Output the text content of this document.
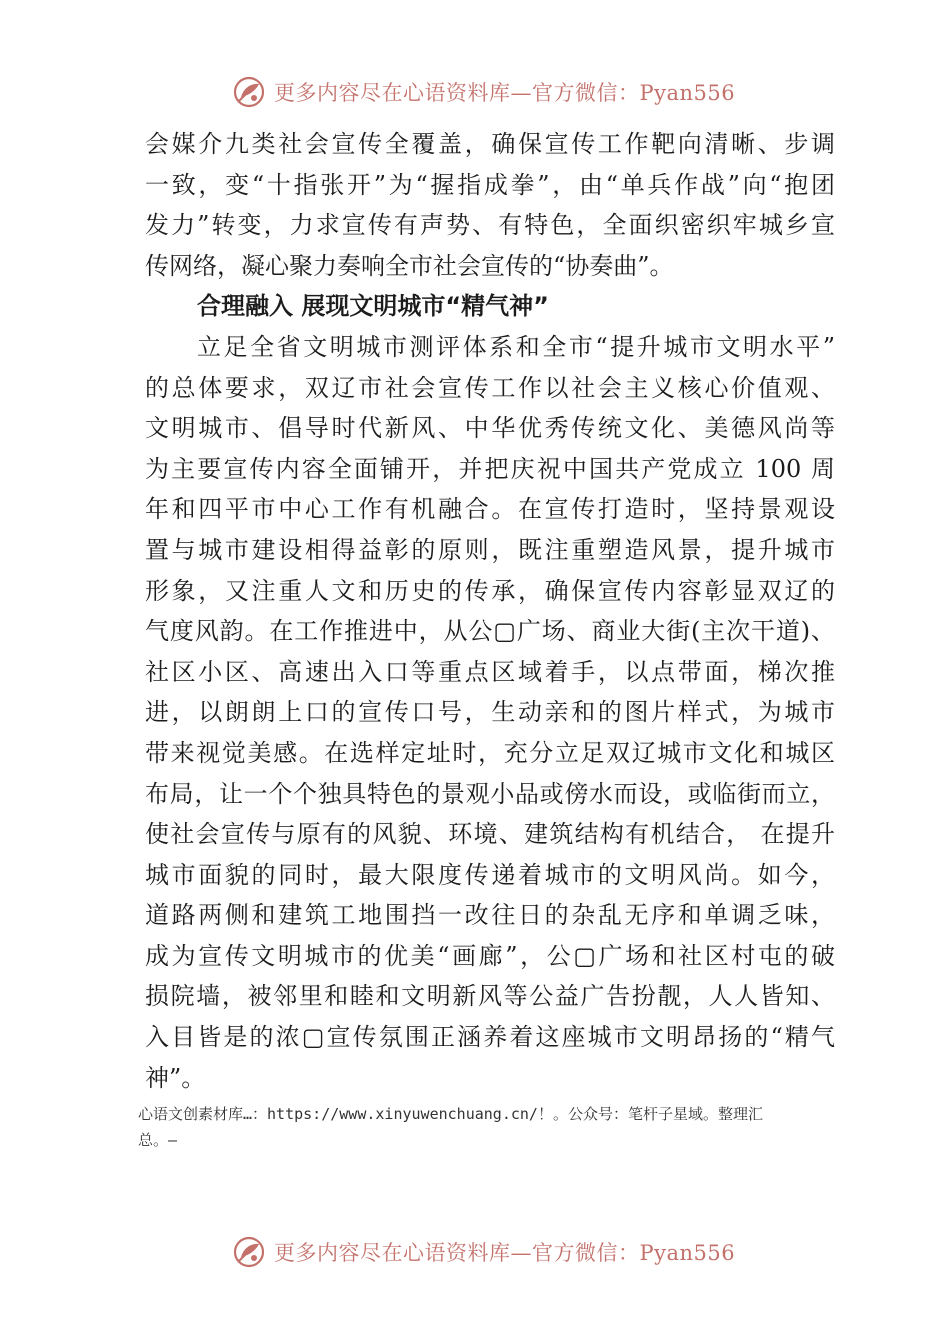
更多内容尽在心语资料库—官方微信：Pyan556
会媒介九类社会宣传全覆盖，确保宣传工作靶向清晰、步调
一致，变“十指张开”为“握指成拳”，由“单兵作战”向“抱团
发力”转变，力求宣传有声势、有特色，全面织密织牢城乡宣
传网络，凝心聚力奏响全市社会宣传的“协奏曲”。
合理融入 展现文明城市“精气神”
立足全省文明城市测评体系和全市“提升城市文明水平”
的总体要求，双辽市社会宣传工作以社会主义核心价值观、
文明城市、倡导时代新风、中华优秀传统文化、美德风尚等
为主要宣传内容全面铺开，并把庆祝中国共产党成立 100 周
年和四平市中心工作有机融合。在宣传打造时，坚持景观设
置与城市建设相得益彰的原则，既注重塑造风景，提升城市
形象，又注重人文和历史的传承，确保宣传内容彰显双辽的
气度风韵。在工作推进中，从公▢广场、商业大街(主次干道)、
社区小区、高速出入口等重点区域着手，以点带面，梯次推
进，以朗朗上口的宣传口号，生动亲和的图片样式，为城市
带来视觉美感。在选样定址时，充分立足双辽城市文化和城区
布局，让一个个独具特色的景观小品或傍水而设，或临街而立，
使社会宣传与原有的风貌、环境、建筑结构有机结合， 在提升
城市面貌的同时，最大限度传递着城市的文明风尚。如今，
道路两侧和建筑工地围挡一改往日的杂乱无序和单调乏味，
成为宣传文明城市的优美“画廊”，公▢广场和社区村屯的破
损院墙，被邻里和睦和文明新风等公益广告扮靓，人人皆知、
入目皆是的浓▢宣传氛围正涵养着这座城市文明昂扬的“精气
神”。
心语文创素材库…：https://www.xinyuwenchuang.cn/！。公众号：笔杆子星域。整理汇
总。—
更多内容尽在心语资料库—官方微信：Pyan556
